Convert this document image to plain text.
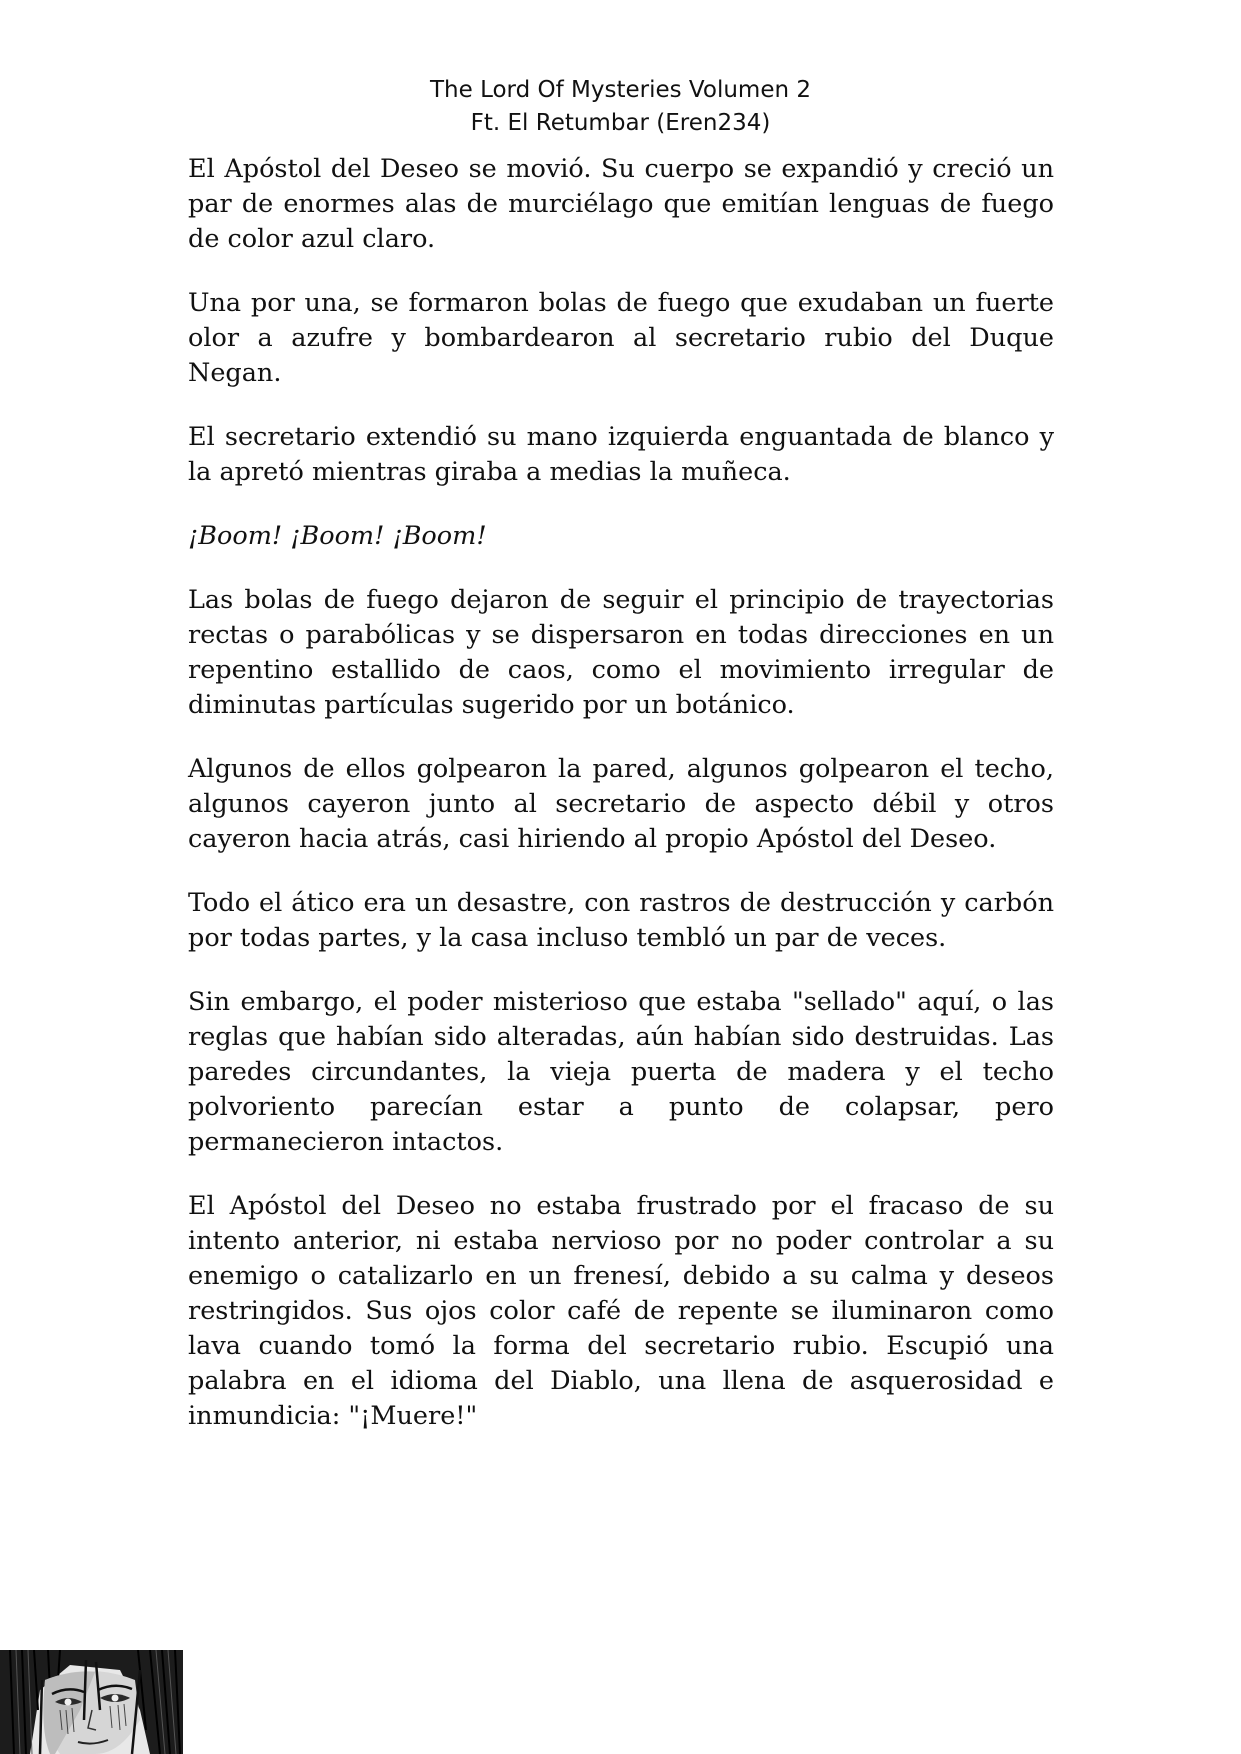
The Lord Of Mysteries Volumen 2
Ft. El Retumbar (Eren234)

El Apóstol del Deseo se movió. Su cuerpo se expandió y creció un par de enormes alas de murciélago que emitían lenguas de fuego de color azul claro.

Una por una, se formaron bolas de fuego que exudaban un fuerte olor a azufre y bombardearon al secretario rubio del Duque Negan.

El secretario extendió su mano izquierda enguantada de blanco y la apretó mientras giraba a medias la muñeca.

¡Boom! ¡Boom! ¡Boom!

Las bolas de fuego dejaron de seguir el principio de trayectorias rectas o parabólicas y se dispersaron en todas direcciones en un repentino estallido de caos, como el movimiento irregular de diminutas partículas sugerido por un botánico.

Algunos de ellos golpearon la pared, algunos golpearon el techo, algunos cayeron junto al secretario de aspecto débil y otros cayeron hacia atrás, casi hiriendo al propio Apóstol del Deseo.

Todo el ático era un desastre, con rastros de destrucción y carbón por todas partes, y la casa incluso tembló un par de veces.

Sin embargo, el poder misterioso que estaba "sellado" aquí, o las reglas que habían sido alteradas, aún habían sido destruidas. Las paredes circundantes, la vieja puerta de madera y el techo polvoriento parecían estar a punto de colapsar, pero permanecieron intactos.

El Apóstol del Deseo no estaba frustrado por el fracaso de su intento anterior, ni estaba nervioso por no poder controlar a su enemigo o catalizarlo en un frenesí, debido a su calma y deseos restringidos. Sus ojos color café de repente se iluminaron como lava cuando tomó la forma del secretario rubio. Escupió una palabra en el idioma del Diablo, una llena de asquerosidad e inmundicia: "¡Muere!"
